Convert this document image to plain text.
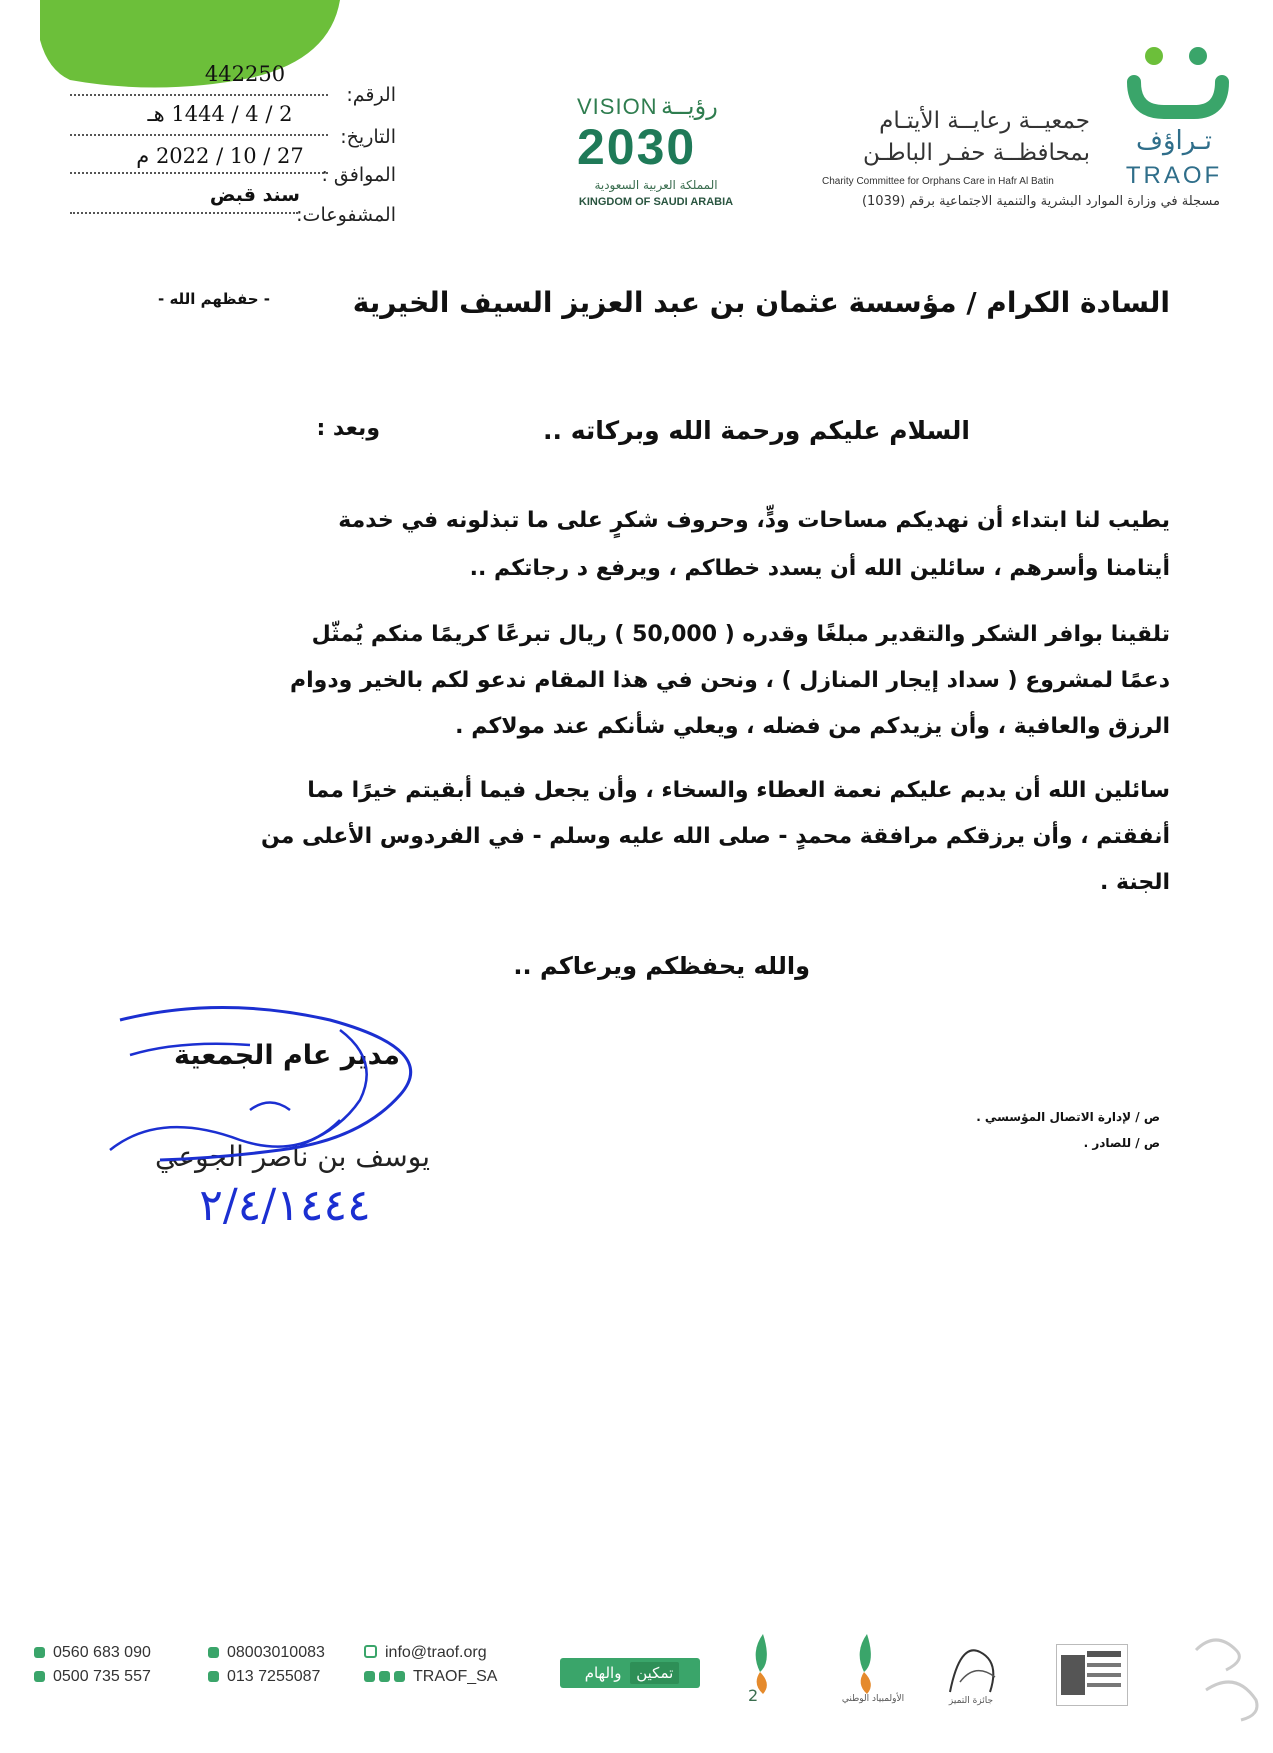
442250
الرقم:
2 / 4 / 1444 هـ
التاريخ:
27 / 10 / 2022 م
الموافق :
سند قبض
المشفوعات:
VISION رؤيــة
2030
المملكة العربية السعودية
KINGDOM OF SAUDI ARABIA
جمعيــة رعايــة الأيتـام
بمحافظــة حفـر الباطـن
Charity Committee for Orphans Care in Hafr Al Batin
مسجلة في وزارة الموارد البشرية والتنمية الاجتماعية برقم (1039)
تـراؤف
TRAOF
السادة الكرام / مؤسسة عثمان بن عبد العزيز السيف الخيرية
- حفظهم الله -
السلام عليكم ورحمة الله وبركاته ..
وبعد :
يطيب لنا ابتداء أن نهديكم مساحات ودٍّ، وحروف شكرٍ على ما تبذلونه في خدمة
أيتامنا وأسرهم ، سائلين الله أن يسدد خطاكم ، ويرفع د رجاتكم ..
تلقينا بوافر الشكر والتقدير مبلغًا وقدره ( 50,000 ) ريال تبرعًا كريمًا منكم يُمثّل
دعمًا لمشروع ( سداد إيجار المنازل ) ، ونحن في هذا المقام ندعو لكم بالخير ودوام
الرزق والعافية ، وأن يزيدكم من فضله ، ويعلي شأنكم عند مولاكم .
سائلين الله أن يديم عليكم نعمة العطاء والسخاء ، وأن يجعل فيما أبقيتم خيرًا مما
أنفقتم ، وأن يرزقكم مرافقة محمدٍ - صلى الله عليه وسلم - في الفردوس الأعلى من
الجنة .
والله يحفظكم ويرعاكم ..
مدير عام الجمعية
يوسف بن ناصر الجوعي
٢/٤/١٤٤٤
ص / لإدارة الاتصال المؤسسي .
ص / للصادر .
0560 683 090
0500 735 557
08003010083
013 7255087
info@traof.org
TRAOF_SA	تمكين والهام
2	الأولمبياد الوطني	جائزة التميز
